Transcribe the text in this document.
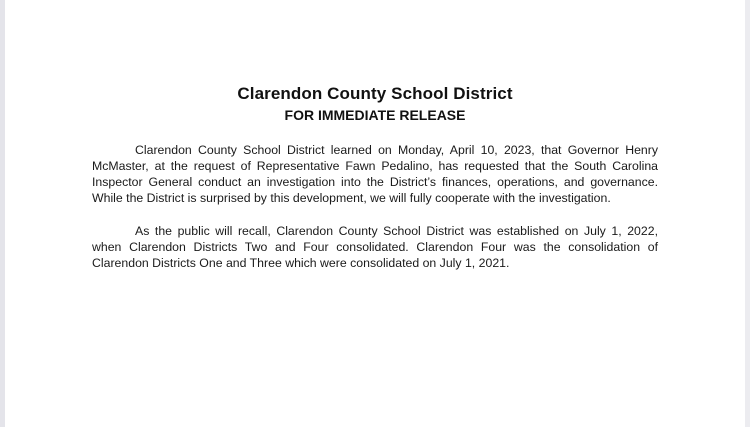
Clarendon County School District
FOR IMMEDIATE RELEASE
Clarendon County School District learned on Monday, April 10, 2023, that Governor Henry McMaster, at the request of Representative Fawn Pedalino, has requested that the South Carolina Inspector General conduct an investigation into the District’s finances, operations, and governance. While the District is surprised by this development, we will fully cooperate with the investigation.
As the public will recall, Clarendon County School District was established on July 1, 2022, when Clarendon Districts Two and Four consolidated. Clarendon Four was the consolidation of Clarendon Districts One and Three which were consolidated on July 1, 2021.
